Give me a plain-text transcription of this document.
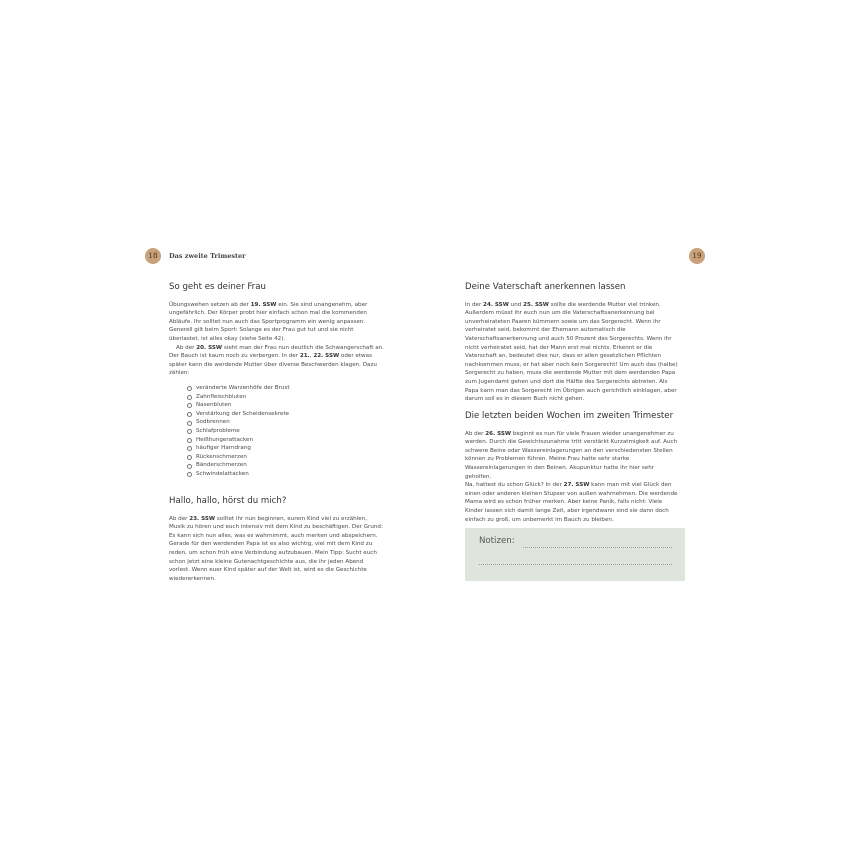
18	Das zweite Trimester
So geht es deiner Frau

Übungswehen setzen ab der 19. SSW ein. Sie sind unangenehm, aber ungefährlich. Der Körper probt hier einfach schon mal die kommenden Abläufe. Ihr solltet nun auch das Sportprogramm ein wenig anpassen. Generell gilt beim Sport: Solange es der Frau gut tut und sie nicht überlastet, ist alles okay (siehe Seite 42).

Ab der 20. SSW sieht man der Frau nun deutlich die Schwangerschaft an. Der Bauch ist kaum noch zu verbergen. In der 21., 22. SSW oder etwas später kann die werdende Mutter über diverse Beschwerden klagen. Dazu zählen:

veränderte Warzenhöfe der Brust
Zahnfleischbluten
Nasenbluten
Verstärkung der Scheidensekrete
Sodbrennen
Schlafprobleme
Heißhungerattacken
häufiger Harndrang
Rückenschmerzen
Bänderschmerzen
Schwindelattacken
Hallo, hallo, hörst du mich?

Ab der 23. SSW solltet ihr nun beginnen, eurem Kind viel zu erzählen, Musik zu hören und euch intensiv mit dem Kind zu beschäftigen. Der Grund: Es kann sich nun alles, was es wahrnimmt, auch merken und abspeichern. Gerade für den werdenden Papa ist es also wichtig, viel mit dem Kind zu reden, um schon früh eine Verbindung aufzubauen. Mein Tipp: Sucht euch schon jetzt eine kleine Gutenachtgeschichte aus, die ihr jeden Abend vorlest. Wenn euer Kind später auf der Welt ist, wird es die Geschichte wiedererkennen.

19
Deine Vaterschaft anerkennen lassen

In der 24. SSW und 25. SSW sollte die werdende Mutter viel trinken. Außerdem müsst ihr euch nun um die Vaterschaftsanerkennung bei unverheirateten Paaren kümmern sowie um das Sorgerecht. Wenn ihr verheiratet seid, bekommt der Ehemann automatisch die Vaterschaftsanerkennung und auch 50 Prozent des Sorgerechts. Wenn ihr nicht verheiratet seid, hat der Mann erst mal nichts. Erkennt er die Vaterschaft an, bedeutet dies nur, dass er allen gesetzlichen Pflichten nachkommen muss, er hat aber noch kein Sorgerecht! Um auch das (halbe) Sorgerecht zu haben, muss die werdende Mutter mit dem werdenden Papa zum Jugendamt gehen und dort die Hälfte des Sorgerechts abtreten. Als Papa kann man das Sorgerecht im Übrigen auch gerichtlich einklagen, aber darum soll es in diesem Buch nicht gehen.

Die letzten beiden Wochen im zweiten Trimester

Ab der 26. SSW beginnt es nun für viele Frauen wieder unangenehmer zu werden. Durch die Gewichtszunahme tritt verstärkt Kurzatmigkeit auf. Auch schwere Beine oder Wassereinlagerungen an den verschiedensten Stellen können zu Problemen führen. Meine Frau hatte sehr starke Wassereinlagerungen in den Beinen. Akupunktur hatte ihr hier sehr geholfen.

Na, hattest du schon Glück? In der 27. SSW kann man mit viel Glück den einen oder anderen kleinen Stupser von außen wahrnehmen. Die werdende Mama wird es schon früher merken. Aber keine Panik, falls nicht: Viele Kinder lassen sich damit lange Zeit, aber irgendwann sind sie dann doch einfach zu groß, um unbemerkt im Bauch zu bleiben.

Notizen:
